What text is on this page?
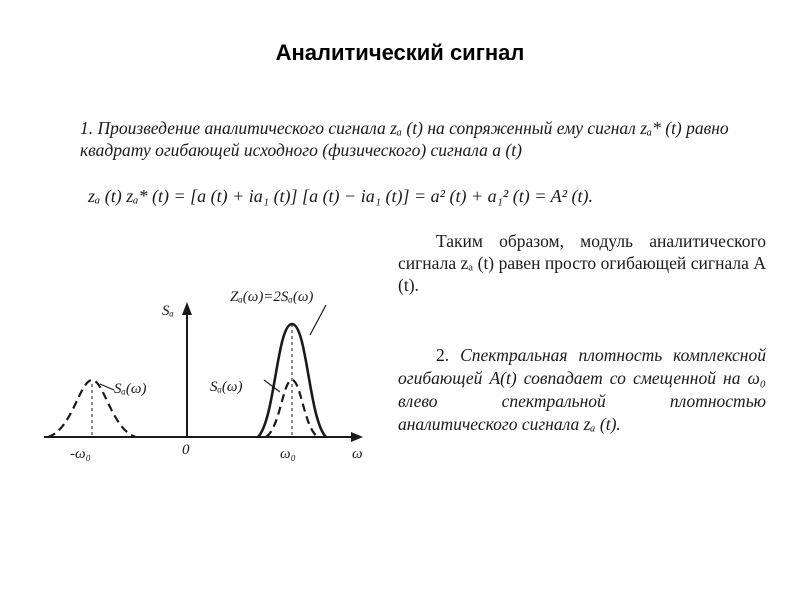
Аналитический сигнал
1. Произведение аналитического сигнала zₐ (t) на сопряженный ему сигнал zₐ* (t) равно квадрату огибающей исходного (физического) сигнала a (t)
zₐ (t) zₐ* (t) = [a (t) + ia₁ (t)] [a (t) − ia₁ (t)] = a² (t) + a₁² (t) = A² (t).
Таким образом, модуль аналитического сигнала zₐ (t) равен просто огибающей сигнала A (t).
2. Спектральная плотность комплексной огибающей A(t) совпадает со смещенной на ω₀ влево спектральной плотностью аналитического сигнала zₐ (t).
Sₐ
ω
-ω₀	0	ω₀
Sₐ(ω)	Sₐ(ω)
Zₐ(ω)=2Sₐ(ω)
